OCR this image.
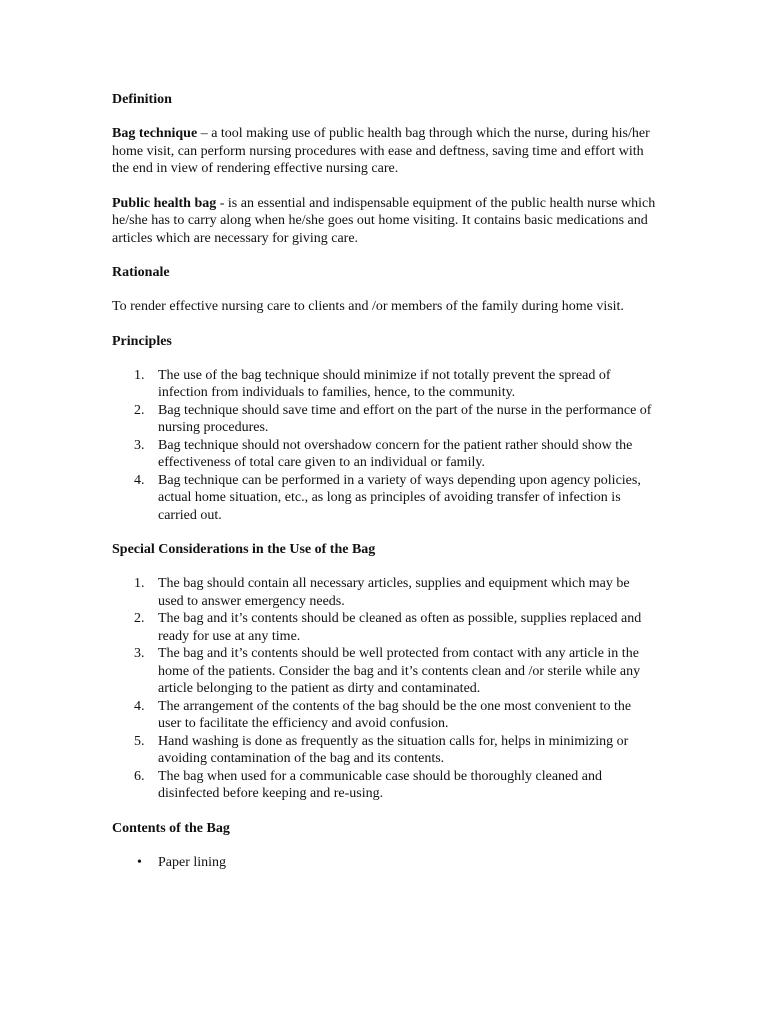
Definition

Bag technique – a tool making use of public health bag through which the nurse, during his/her home visit, can perform nursing procedures with ease and deftness, saving time and effort with the end in view of rendering effective nursing care.

Public health bag - is an essential and indispensable equipment of the public health nurse which he/she has to carry along when he/she goes out home visiting. It contains basic medications and articles which are necessary for giving care.

Rationale

To render effective nursing care to clients and /or members of the family during home visit.

Principles
1. The use of the bag technique should minimize if not totally prevent the spread of infection from individuals to families, hence, to the community.
2. Bag technique should save time and effort on the part of the nurse in the performance of nursing procedures.
3. Bag technique should not overshadow concern for the patient rather should show the effectiveness of total care given to an individual or family.
4. Bag technique can be performed in a variety of ways depending upon agency policies, actual home situation, etc., as long as principles of avoiding transfer of infection is carried out.
Special Considerations in the Use of the Bag
1. The bag should contain all necessary articles, supplies and equipment which may be used to answer emergency needs.
2. The bag and it’s contents should be cleaned as often as possible, supplies replaced and ready for use at any time.
3. The bag and it’s contents should be well protected from contact with any article in the home of the patients. Consider the bag and it’s contents clean and /or sterile while any article belonging to the patient as dirty and contaminated.
4. The arrangement of the contents of the bag should be the one most convenient to the user to facilitate the efficiency and avoid confusion.
5. Hand washing is done as frequently as the situation calls for, helps in minimizing or avoiding contamination of the bag and its contents.
6. The bag when used for a communicable case should be thoroughly cleaned and disinfected before keeping and re-using.
Contents of the Bag
• Paper lining
